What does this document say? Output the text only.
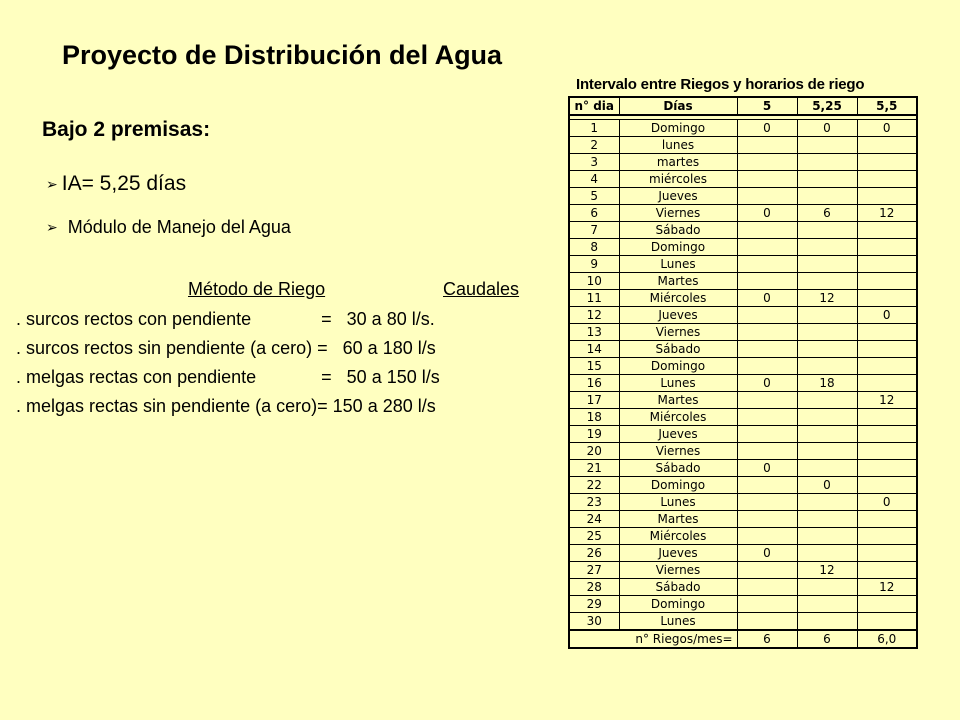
Proyecto de Distribución del Agua
Bajo 2 premisas:
➢ IA= 5,25 días
➢ Módulo de Manejo del Agua
Método de Riego	Caudales
. surcos rectos con pendiente              =   30 a 80 l/s.
. surcos rectos sin pendiente (a cero) =   60 a 180 l/s
. melgas rectas con pendiente             =   50 a 150 l/s
. melgas rectas sin pendiente (a cero)= 150 a 280 l/s
Intervalo entre Riegos y horarios de riego
n° dia	Días	5	5,25	5,5

1	Domingo	0	0	0
2	lunes			
3	martes			
4	miércoles			
5	Jueves			
6	Viernes	0	6	12
7	Sábado			
8	Domingo			
9	Lunes			
10	Martes			
11	Miércoles	0	12	
12	Jueves			0
13	Viernes			
14	Sábado			
15	Domingo			
16	Lunes	0	18	
17	Martes			12
18	Miércoles			
19	Jueves			
20	Viernes			
21	Sábado	0		
22	Domingo		0	
23	Lunes			0
24	Martes			
25	Miércoles			
26	Jueves	0		
27	Viernes		12	
28	Sábado			12
29	Domingo			
30	Lunes			
n° Riegos/mes=		6	6	6,0
